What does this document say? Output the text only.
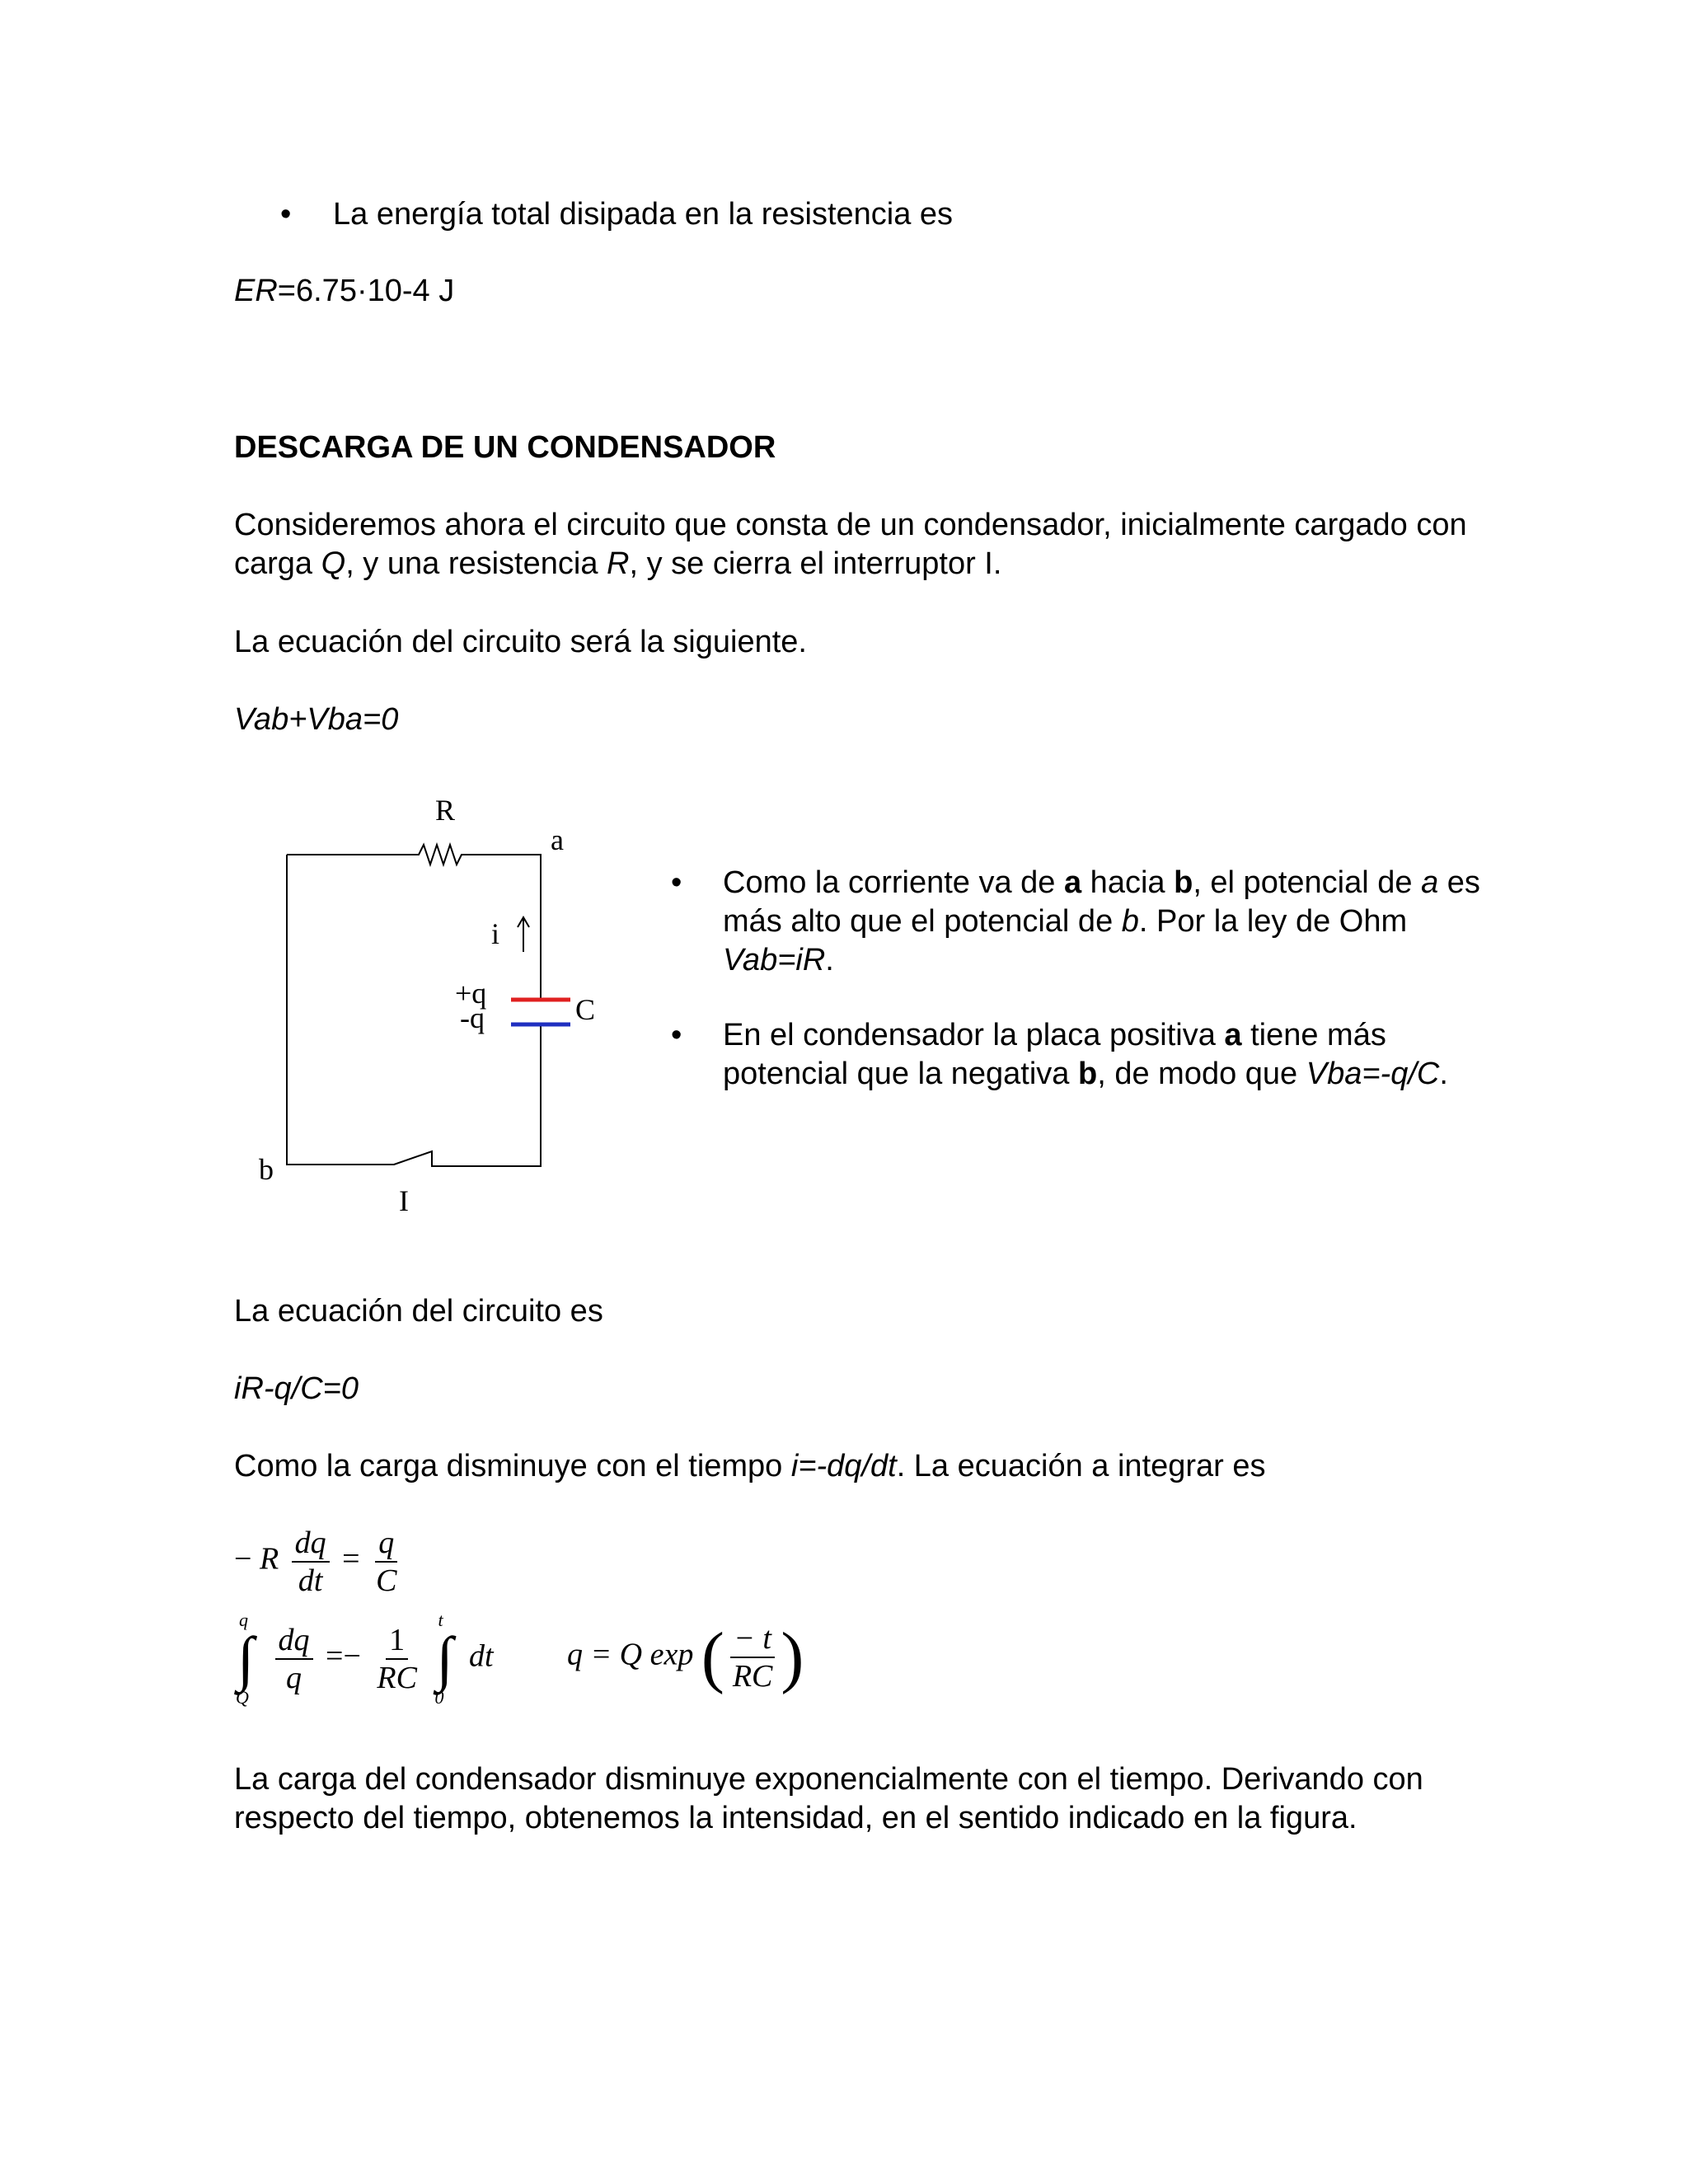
• La energía total disipada en la resistencia es
ER=6.75·10-4 J
DESCARGA DE UN CONDENSADOR
Consideremos ahora el circuito que consta de un condensador, inicialmente cargado con carga Q, y una resistencia R, y se cierra el interruptor I.
La ecuación del circuito será la siguiente.
Vab+Vba=0
R
a
b
i
+q
-q	C
I
• Como la corriente va de a hacia b, el potencial de a es más alto que el potencial de b. Por la ley de Ohm Vab=iR.
• En el condensador la placa positiva a tiene más potencial que la negativa b, de modo que Vba=-q/C.
La ecuación del circuito es
iR-q/C=0
Como la carga disminuye con el tiempo i=-dq/dt. La ecuación a integrar es
− R $\frac{dq}{dt} = \frac{q}{C}$
∫
q
Q

$\frac{dq}{q} =- \frac{1}{RC}$ ∫
t
0
dt q = Q exp ( $\frac{- t}{RC}$ )
La carga del condensador disminuye exponencialmente con el tiempo. Derivando con respecto del tiempo, obtenemos la intensidad, en el sentido indicado en la figura.
